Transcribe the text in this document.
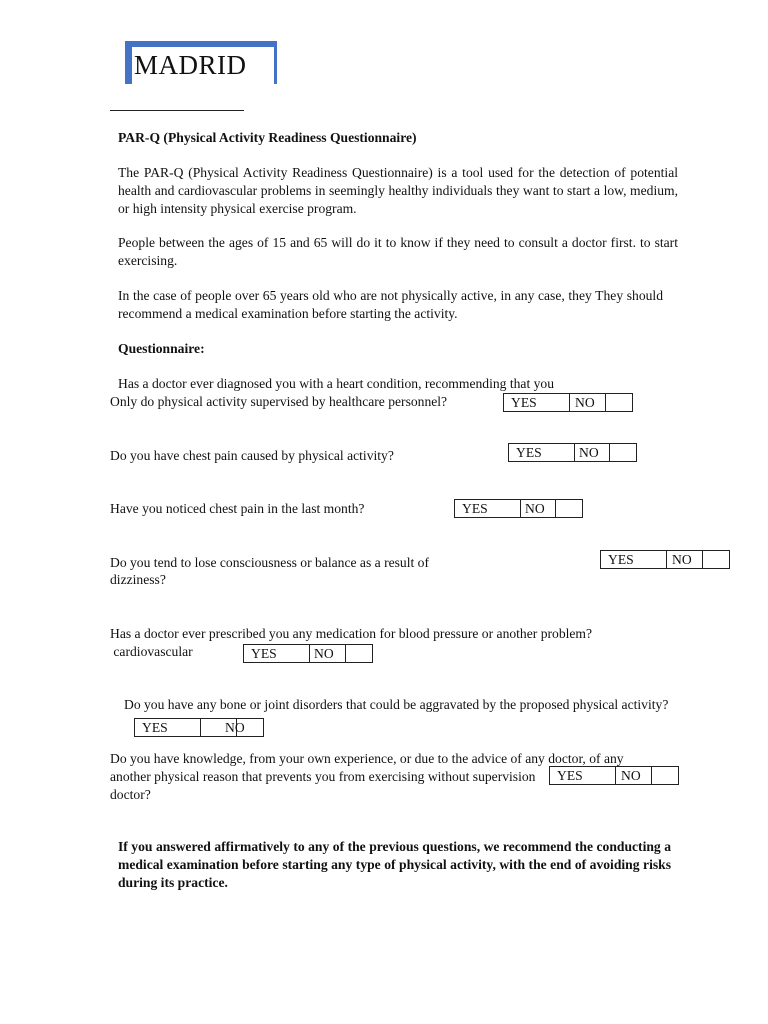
MADRID
PAR-Q (Physical Activity Readiness Questionnaire)
The PAR-Q (Physical Activity Readiness Questionnaire) is a tool used for the detection of potential health and cardiovascular problems in seemingly healthy individuals they want to start a low, medium, or high intensity physical exercise program.
People between the ages of 15 and 65 will do it to know if they need to consult a doctor first. to start exercising.
In the case of people over 65 years old who are not physically active, in any case, they They should recommend a medical examination before starting the activity.
Questionnaire:
Has a doctor ever diagnosed you with a heart condition, recommending that you
Only do physical activity supervised by healthcare personnel?	YES	NO
Do you have chest pain caused by physical activity?	YES	NO
Have you noticed chest pain in the last month?	YES	NO
Do you tend to lose consciousness or balance as a result of
dizziness?
YES	NO
Has a doctor ever prescribed you any medication for blood pressure or another problem?
cardiovascular	YES	NO
Do you have any bone or joint disorders that could be aggravated by the proposed physical activity?
YES	NO
Do you have knowledge, from your own experience, or due to the advice of any doctor, of any
another physical reason that prevents you from exercising without supervision
doctor?
YES	NO
If you answered affirmatively to any of the previous questions, we recommend the conducting a medical examination before starting any type of physical activity, with the end of avoiding risks during its practice.
